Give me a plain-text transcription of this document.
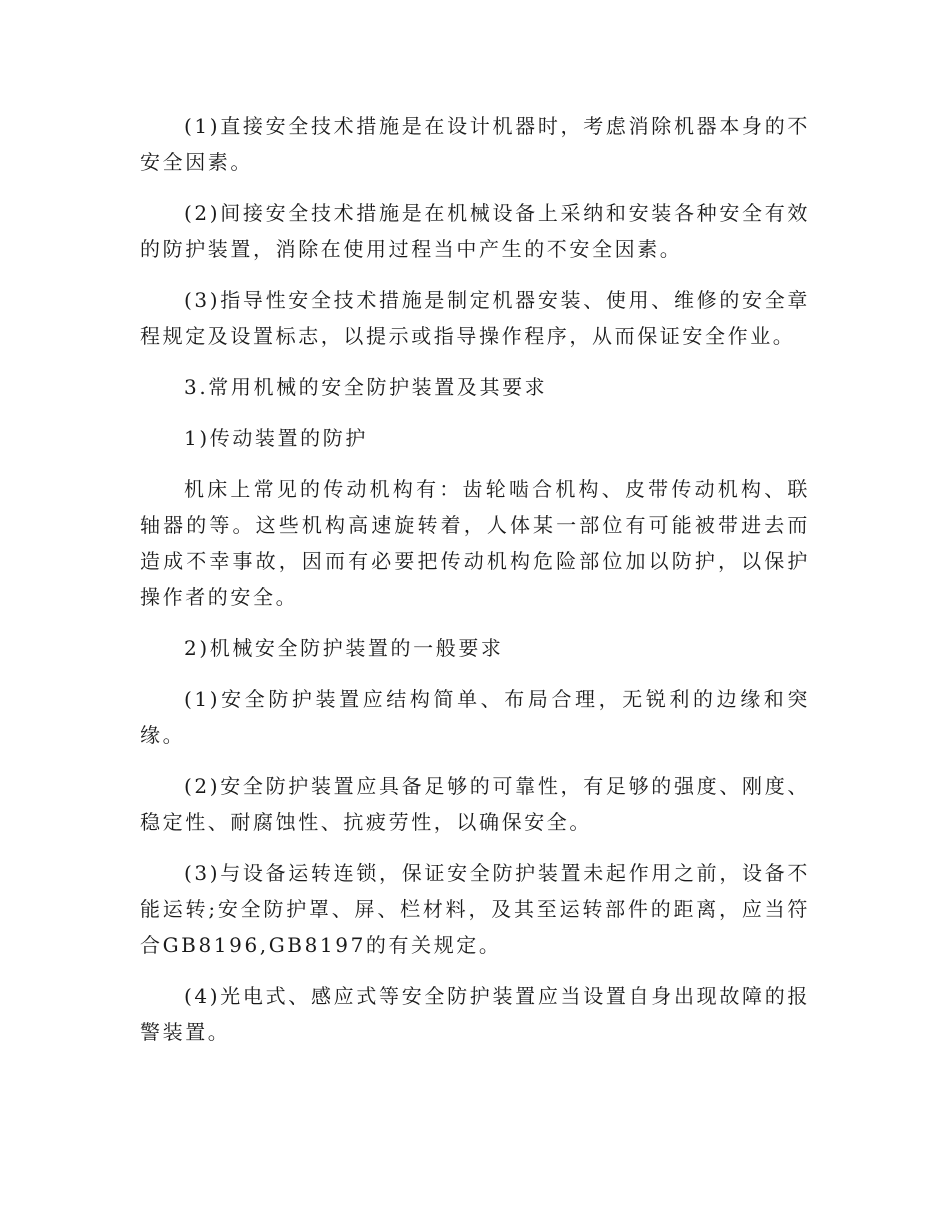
(1)直接安全技术措施是在设计机器时，考虑消除机器本身的不安全因素。

(2)间接安全技术措施是在机械设备上采纳和安装各种安全有效的防护装置，消除在使用过程当中产生的不安全因素。

(3)指导性安全技术措施是制定机器安装、使用、维修的安全章程规定及设置标志，以提示或指导操作程序，从而保证安全作业。

3.常用机械的安全防护装置及其要求

1)传动装置的防护

机床上常见的传动机构有：齿轮啮合机构、皮带传动机构、联轴器的等。这些机构高速旋转着，人体某一部位有可能被带进去而造成不幸事故，因而有必要把传动机构危险部位加以防护，以保护操作者的安全。

2)机械安全防护装置的一般要求

(1)安全防护装置应结构简单、布局合理，无锐利的边缘和突缘。

(2)安全防护装置应具备足够的可靠性，有足够的强度、刚度、稳定性、耐腐蚀性、抗疲劳性，以确保安全。

(3)与设备运转连锁，保证安全防护装置未起作用之前，设备不能运转;安全防护罩、屏、栏材料，及其至运转部件的距离，应当符合GB8196,GB8197的有关规定。

(4)光电式、感应式等安全防护装置应当设置自身出现故障的报警装置。
